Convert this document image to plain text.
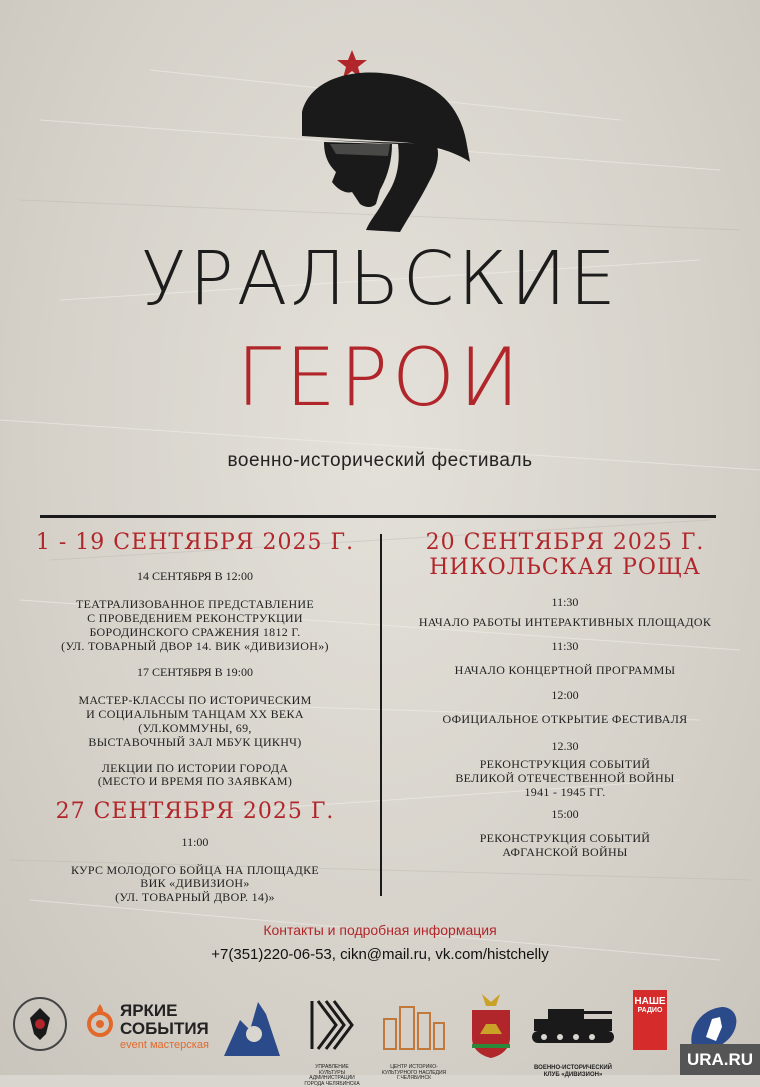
УРАЛЬСКИЕ
ГЕРОИ
военно-исторический фестиваль
1 - 19 СЕНТЯБРЯ 2025 Г.
14 СЕНТЯБРЯ В 12:00
ТЕАТРАЛИЗОВАННОЕ ПРЕДСТАВЛЕНИЕ
С ПРОВЕДЕНИЕМ РЕКОНСТРУКЦИИ
БОРОДИНСКОГО СРАЖЕНИЯ 1812 Г.
(УЛ. ТОВАРНЫЙ ДВОР 14. ВИК «ДИВИЗИОН»)
17 СЕНТЯБРЯ В 19:00
МАСТЕР-КЛАССЫ ПО ИСТОРИЧЕСКИМ
И СОЦИАЛЬНЫМ ТАНЦАМ XX ВЕКА
(УЛ.КОММУНЫ, 69,
ВЫСТАВОЧНЫЙ ЗАЛ МБУК ЦИКНЧ)
ЛЕКЦИИ ПО ИСТОРИИ ГОРОДА
(МЕСТО И ВРЕМЯ ПО ЗАЯВКАМ)
27 СЕНТЯБРЯ 2025 Г.
11:00
КУРС МОЛОДОГО БОЙЦА НА ПЛОЩАДКЕ
ВИК «ДИВИЗИОН»
(УЛ. ТОВАРНЫЙ ДВОР. 14)»
20 СЕНТЯБРЯ 2025 Г.
НИКОЛЬСКАЯ РОЩА
11:30
НАЧАЛО РАБОТЫ ИНТЕРАКТИВНЫХ ПЛОЩАДОК
11:30
НАЧАЛО КОНЦЕРТНОЙ ПРОГРАММЫ
12:00
ОФИЦИАЛЬНОЕ ОТКРЫТИЕ ФЕСТИВАЛЯ
12.30
РЕКОНСТРУКЦИЯ СОБЫТИЙ
ВЕЛИКОЙ ОТЕЧЕСТВЕННОЙ ВОЙНЫ
1941 - 1945 ГГ.
15:00
РЕКОНСТРУКЦИЯ СОБЫТИЙ
АФГАНСКОЙ ВОЙНЫ
Контакты и подробная информация
+7(351)220-06-53, cikn@mail.ru, vk.com/histchelly
ЯРКИЕ
СОБЫТИЯ
event мастерская
УПРАВЛЕНИЕ КУЛЬТУРЫ АДМИНИСТРАЦИИ ГОРОДА ЧЕЛЯБИНСКА
ЦЕНТР ИСТОРИКО-КУЛЬТУРНОГО НАСЛЕДИЯ Г.ЧЕЛЯБИНСК
ВОЕННО-ИСТОРИЧЕСКИЙ КЛУБ «ДИВИЗИОН»
НАШЕ
РАДИО
URA.RU
